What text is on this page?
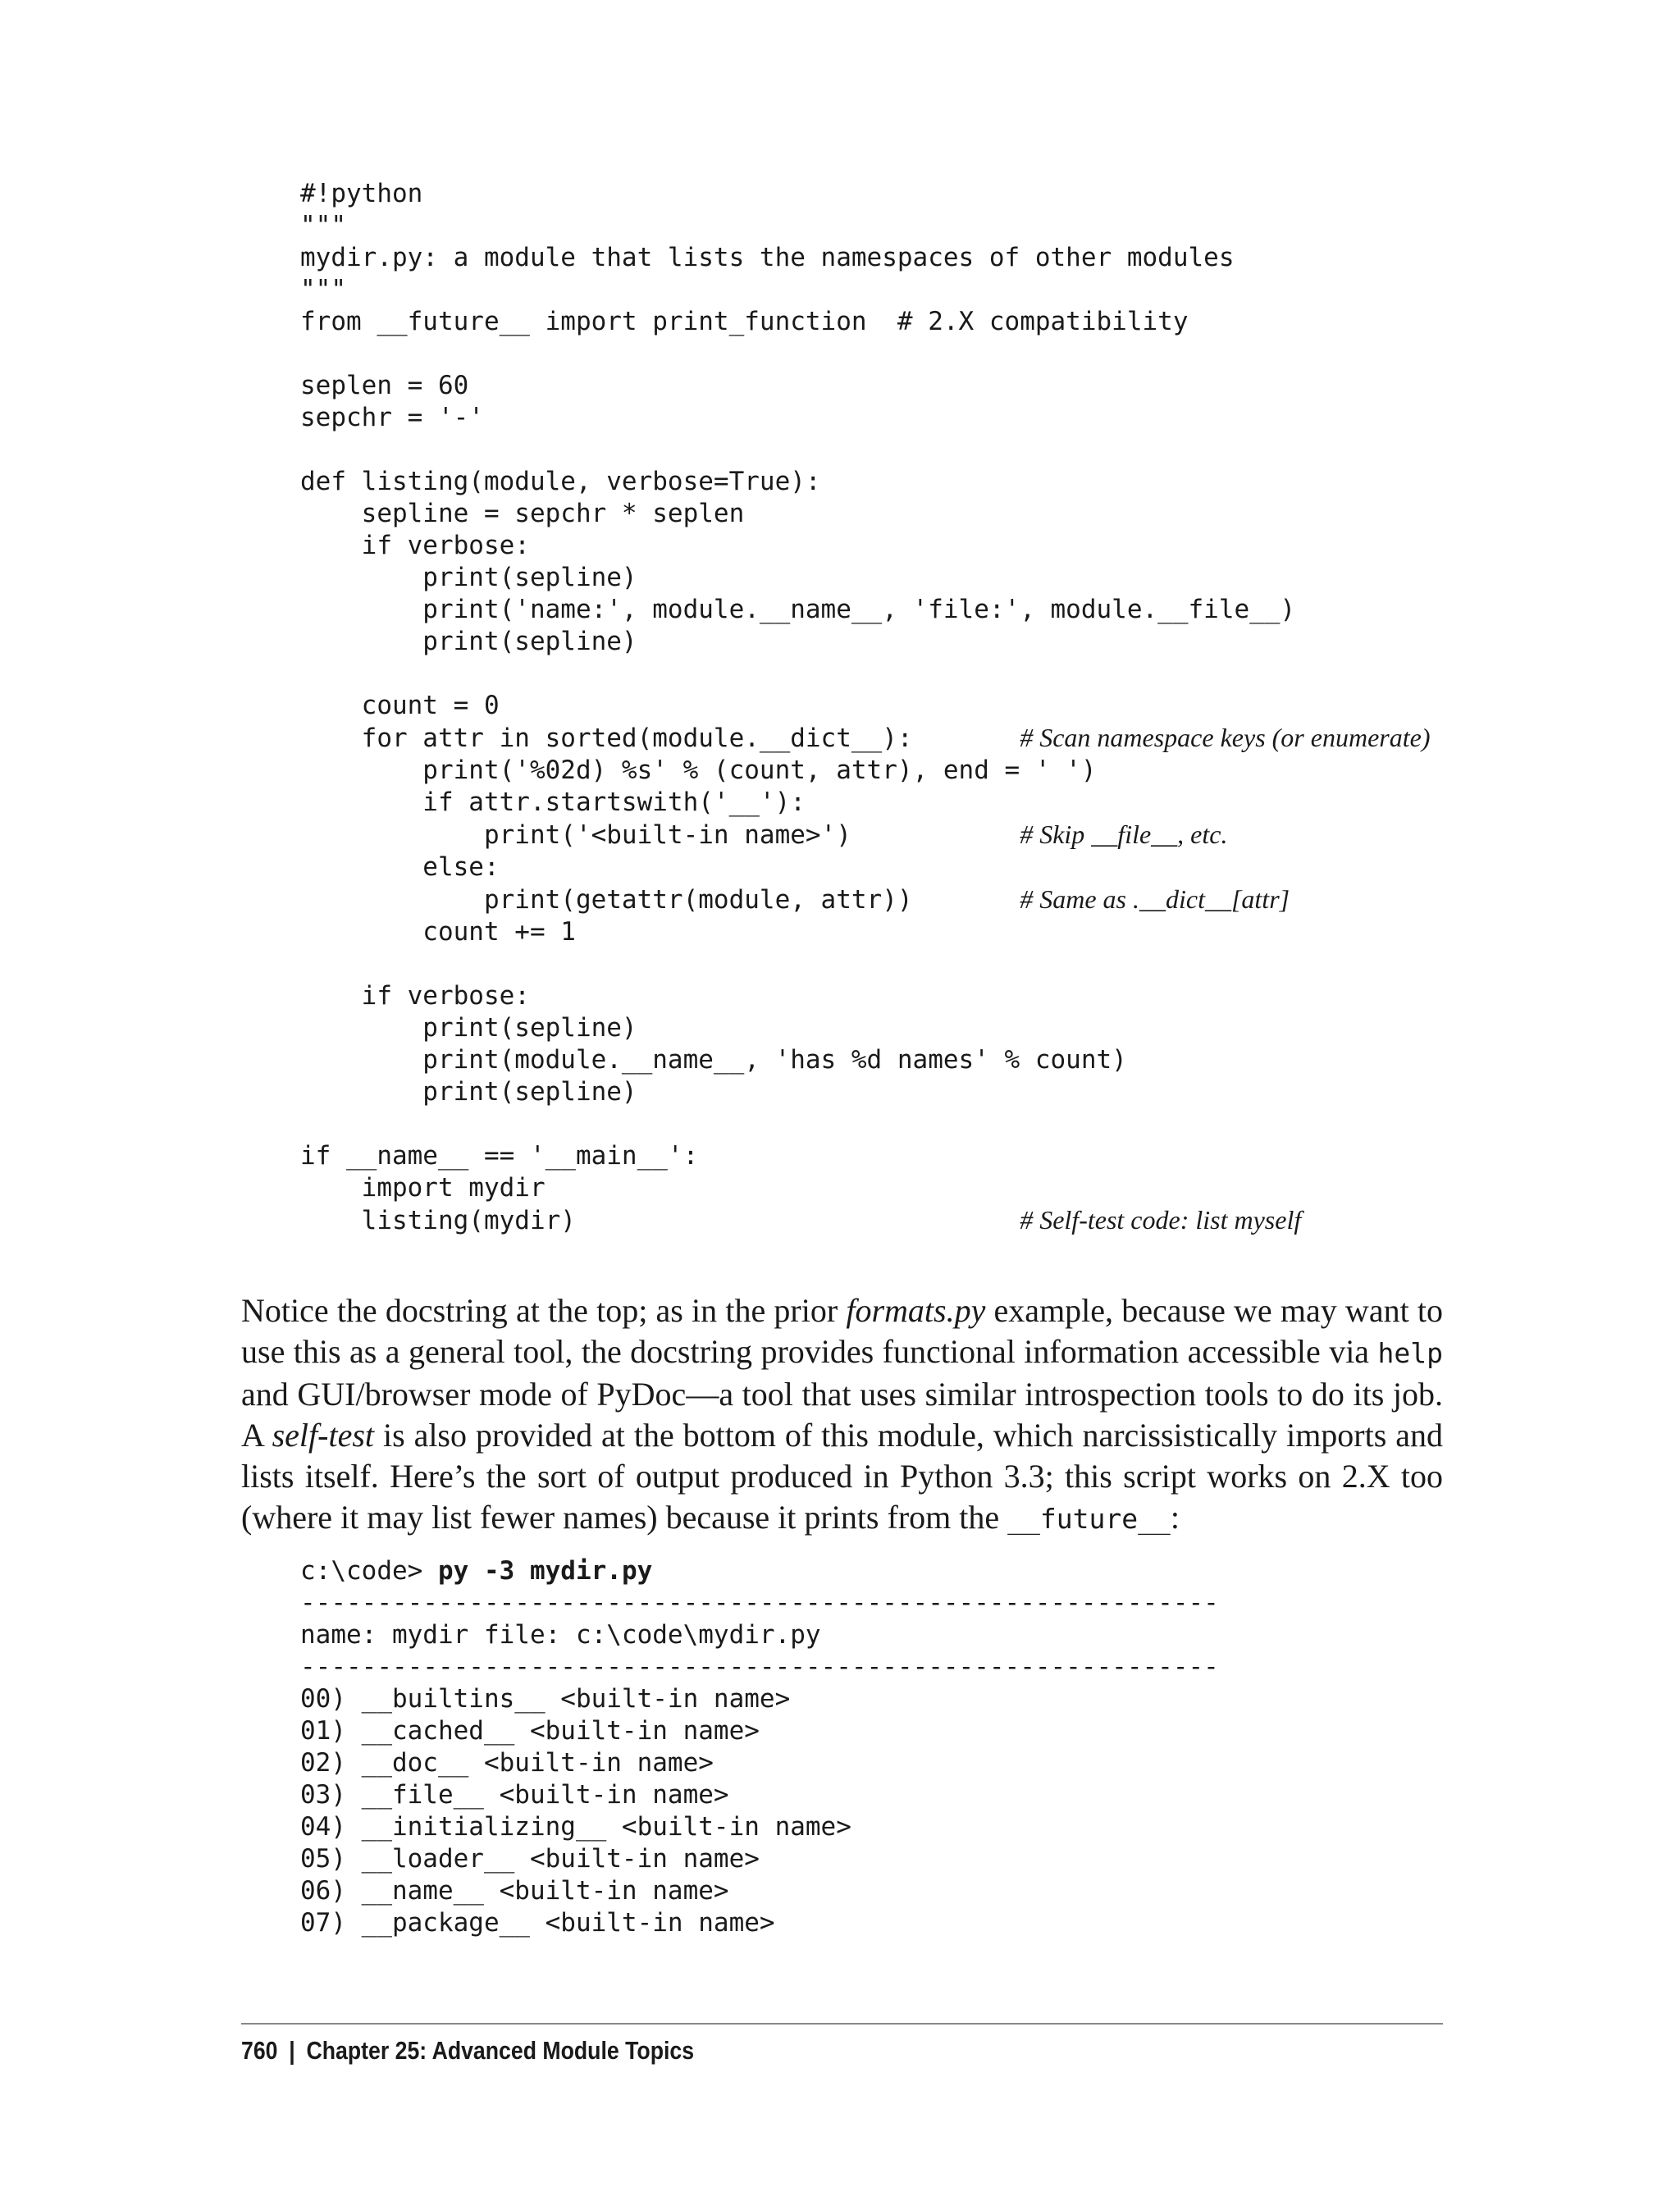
#!python
"""
mydir.py: a module that lists the namespaces of other modules
"""
from __future__ import print_function  # 2.X compatibility

seplen = 60
sepchr = '-'

def listing(module, verbose=True):
sepline = sepchr * seplen
if verbose:
print(sepline)
print('name:', module.__name__, 'file:', module.__file__)
print(sepline)

count = 0
for attr in sorted(module.__dict__):       # Scan namespace keys (or enumerate)
print('%02d) %s' % (count, attr), end = ' ')
if attr.startswith('__'):
print('<built-in name>')           # Skip __file__, etc.
else:
print(getattr(module, attr))       # Same as .__dict__[attr]
count += 1

if verbose:
print(sepline)
print(module.__name__, 'has %d names' % count)
print(sepline)

if __name__ == '__main__':
import mydir
listing(mydir)                             # Self-test code: list myself

Notice the docstring at the top; as in the prior formats.py example, because we may want to use this as a general tool, the docstring provides functional information accessible via help and GUI/browser mode of PyDoc—a tool that uses similar introspection tools to do its job. A self-test is also provided at the bottom of this module, which narcissistically imports and lists itself. Here’s the sort of output produced in Python 3.3; this script works on 2.X too (where it may list fewer names) because it prints from the __future__:

c:\code> py -3 mydir.py
------------------------------------------------------------
name: mydir file: c:\code\mydir.py
------------------------------------------------------------
00) __builtins__ <built-in name>
01) __cached__ <built-in name>
02) __doc__ <built-in name>
03) __file__ <built-in name>
04) __initializing__ <built-in name>
05) __loader__ <built-in name>
06) __name__ <built-in name>
07) __package__ <built-in name>
760 | Chapter 25: Advanced Module Topics
